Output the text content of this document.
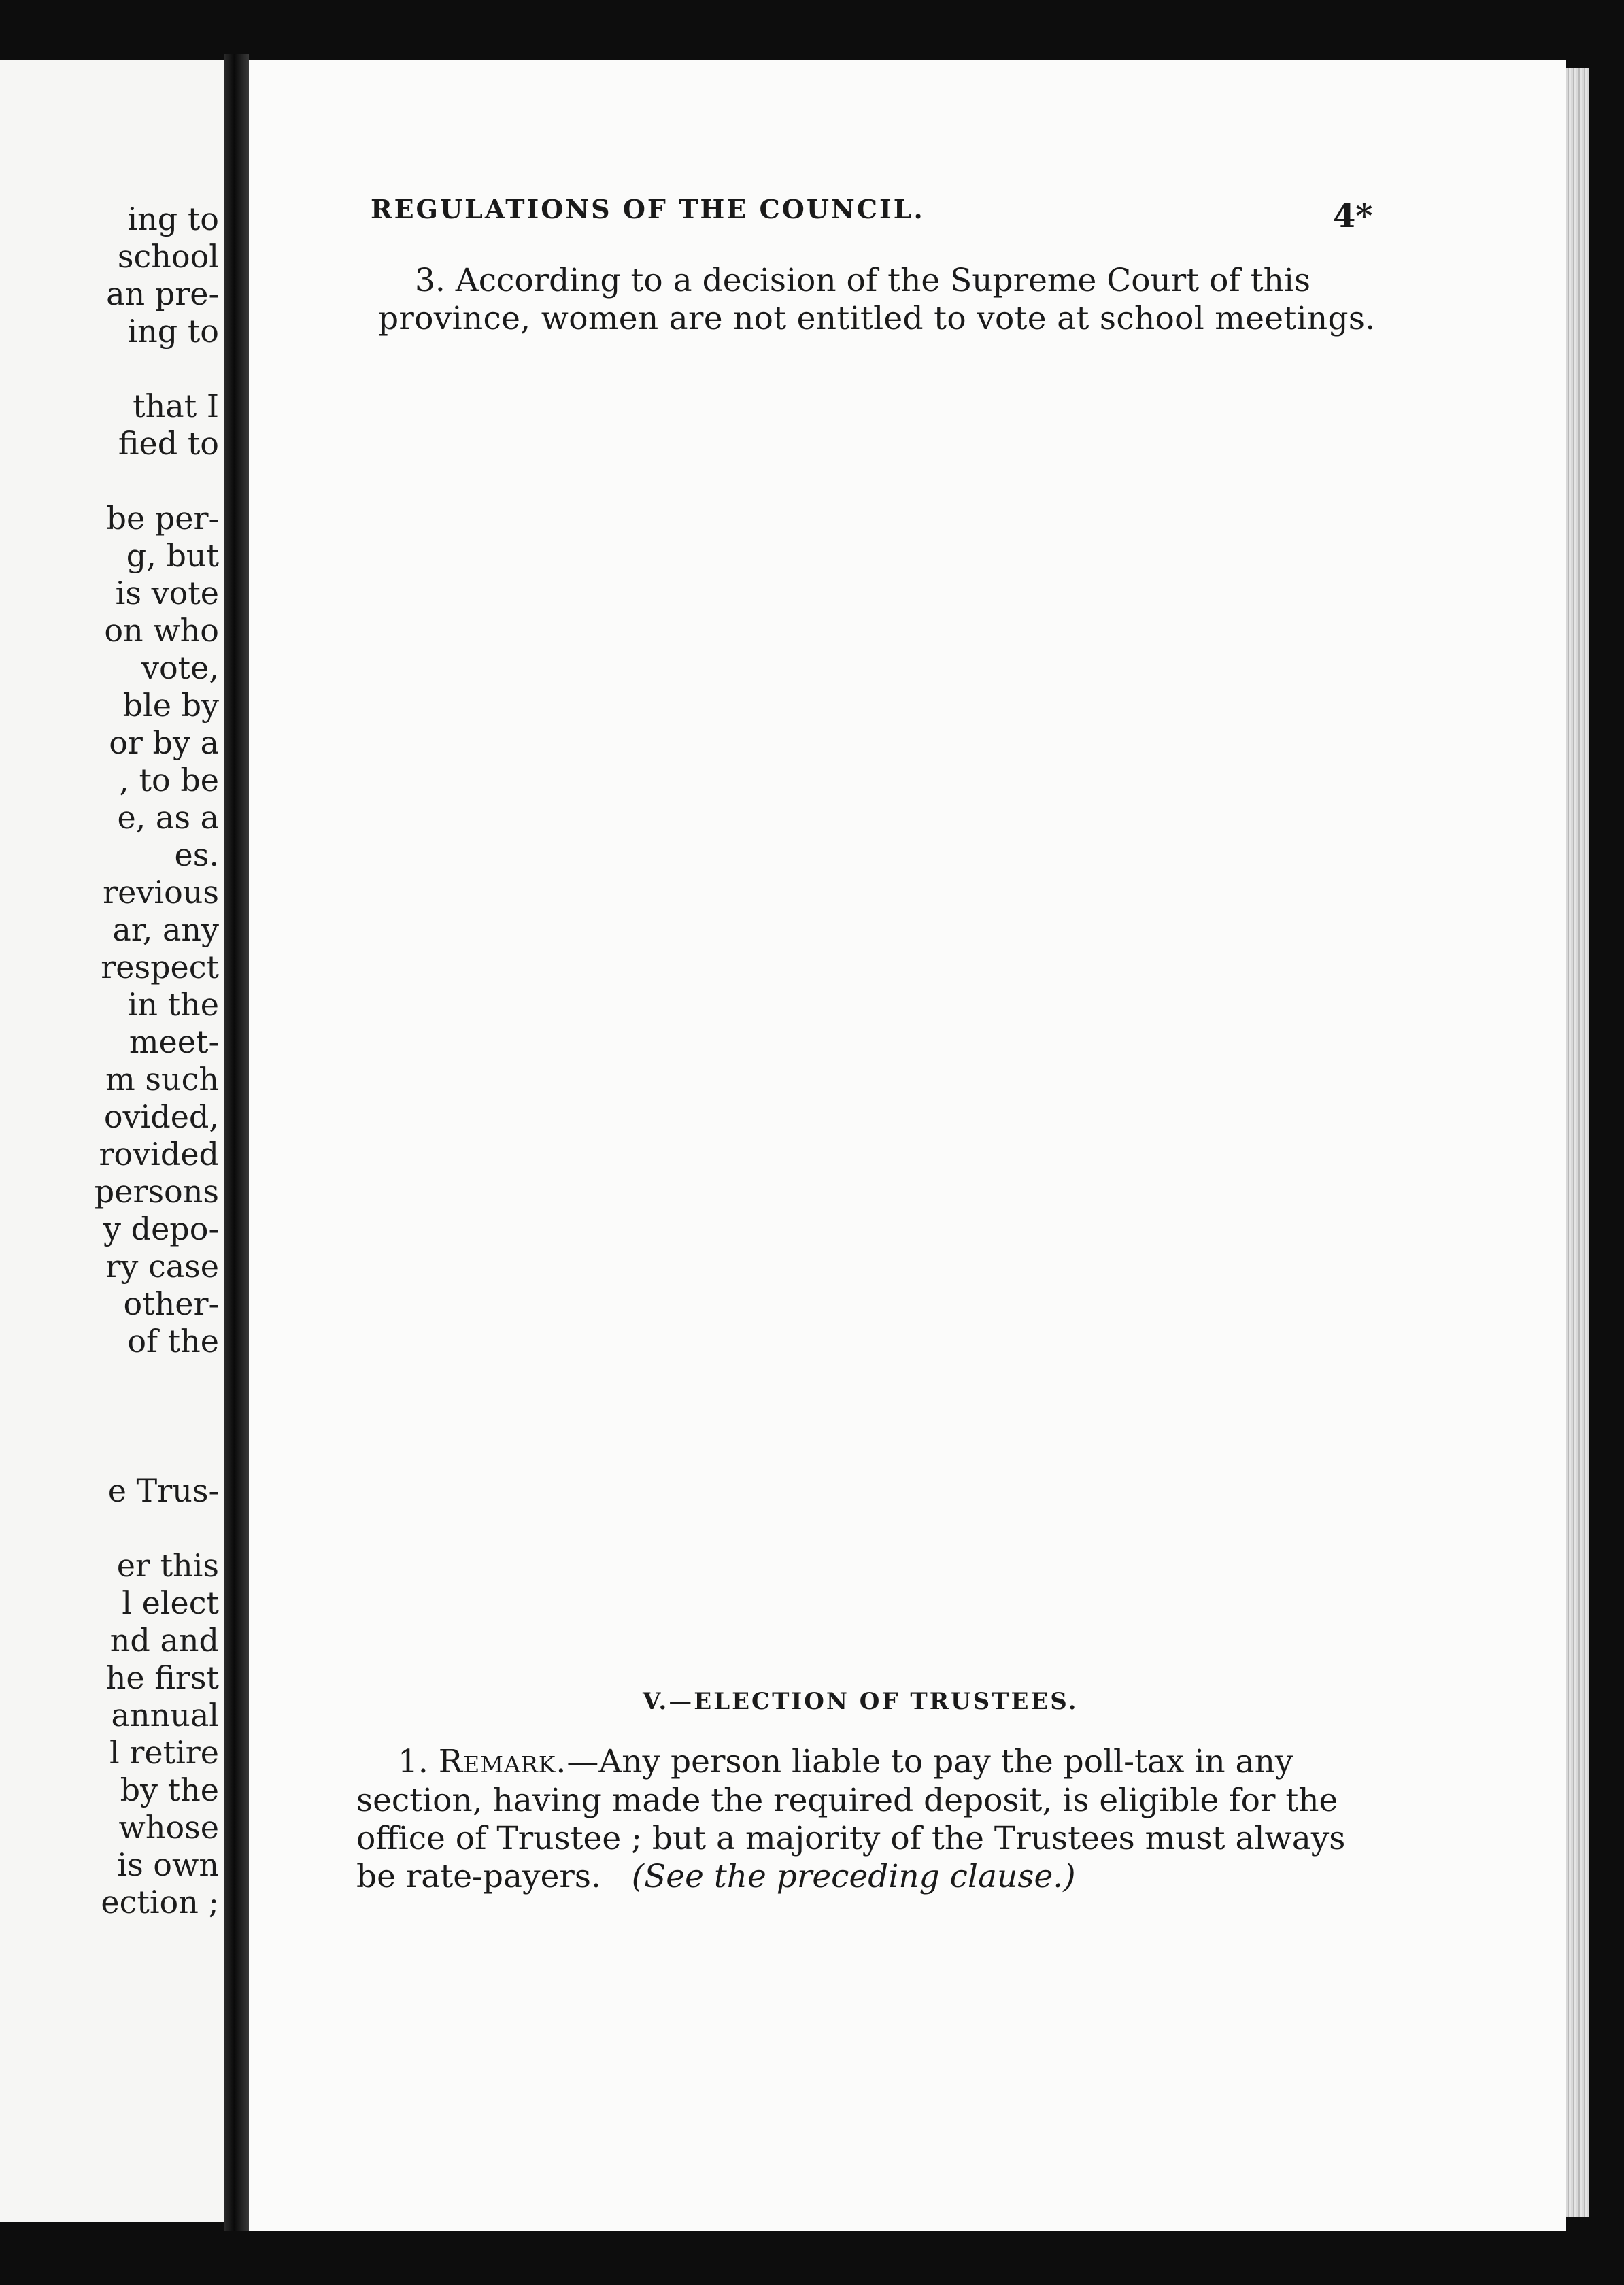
ing to
school
an pre-
ing to
that I
fied to
be per-
g, but
is vote
on who
vote,
ble by
or by a
, to be
e, as a
es.
revious
ar, any
respect
in the
meet-
m such
ovided,
rovided
persons
y depo-
ry case
other-
of the
e Trus-
er this
l elect
nd and
he first
annual
l retire
by the
whose
is own
ection ;
REGULATIONS OF THE COUNCIL.	4*
3. According to a decision of the Supreme Court of this
province, women are not entitled to vote at school meetings.
V.—ELECTION OF TRUSTEES.
1. Remark.—Any person liable to pay the poll-tax in any
section, having made the required deposit, is eligible for the
office of Trustee ; but a majority of the Trustees must always
be rate-payers. (See the preceding clause.)
